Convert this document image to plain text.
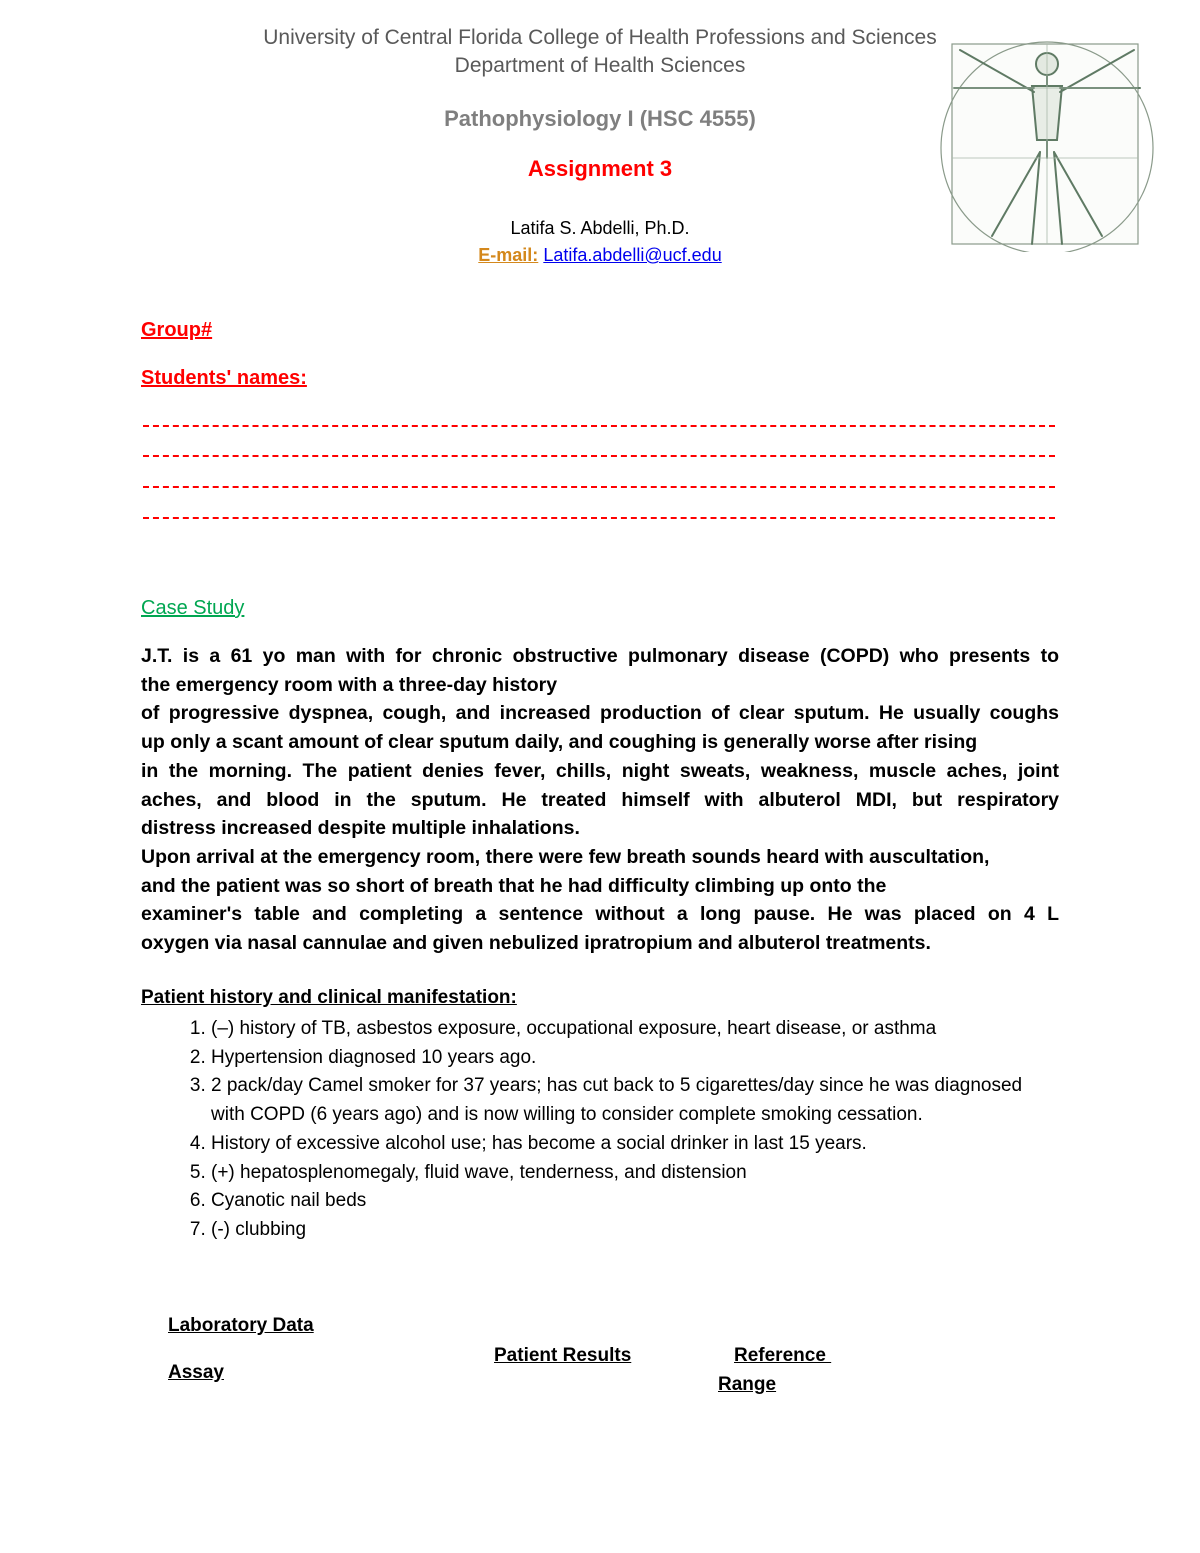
University of Central Florida College of Health Professions and Sciences
Department of Health Sciences
Pathophysiology I (HSC 4555)
Assignment 3
Latifa S. Abdelli, Ph.D.
E-mail: Latifa.abdelli@ucf.edu
Group#
Students' names:
Case Study

J.T. is a 61 yo man with for chronic obstructive pulmonary disease (COPD) who presents to

the emergency room with a three-day history

of progressive dyspnea, cough, and increased production of clear sputum. He usually coughs

up only a scant amount of clear sputum daily, and coughing is generally worse after rising

in the morning. The patient denies fever, chills, night sweats, weakness, muscle aches, joint

aches, and blood in the sputum. He treated himself with albuterol MDI, but respiratory

distress increased despite multiple inhalations.

Upon arrival at the emergency room, there were few breath sounds heard with auscultation,

and the patient was so short of breath that he had difficulty climbing up onto the

examiner's table and completing a sentence without a long pause. He was placed on 4 L

oxygen via nasal cannulae and given nebulized ipratropium and albuterol treatments.

Patient history and clinical manifestation:
1. (–) history of TB, asbestos exposure, occupational exposure, heart disease, or asthma
2. Hypertension diagnosed 10 years ago.
3. 2 pack/day Camel smoker for 37 years; has cut back to 5 cigarettes/day since he was diagnosed with COPD (6 years ago) and is now willing to consider complete smoking cessation.
4. History of excessive alcohol use; has become a social drinker in last 15 years.
5. (+) hepatosplenomegaly, fluid wave, tenderness, and distension
6. Cyanotic nail beds
7. (-) clubbing
Laboratory Data
Assay
Patient Results	Reference
Range
